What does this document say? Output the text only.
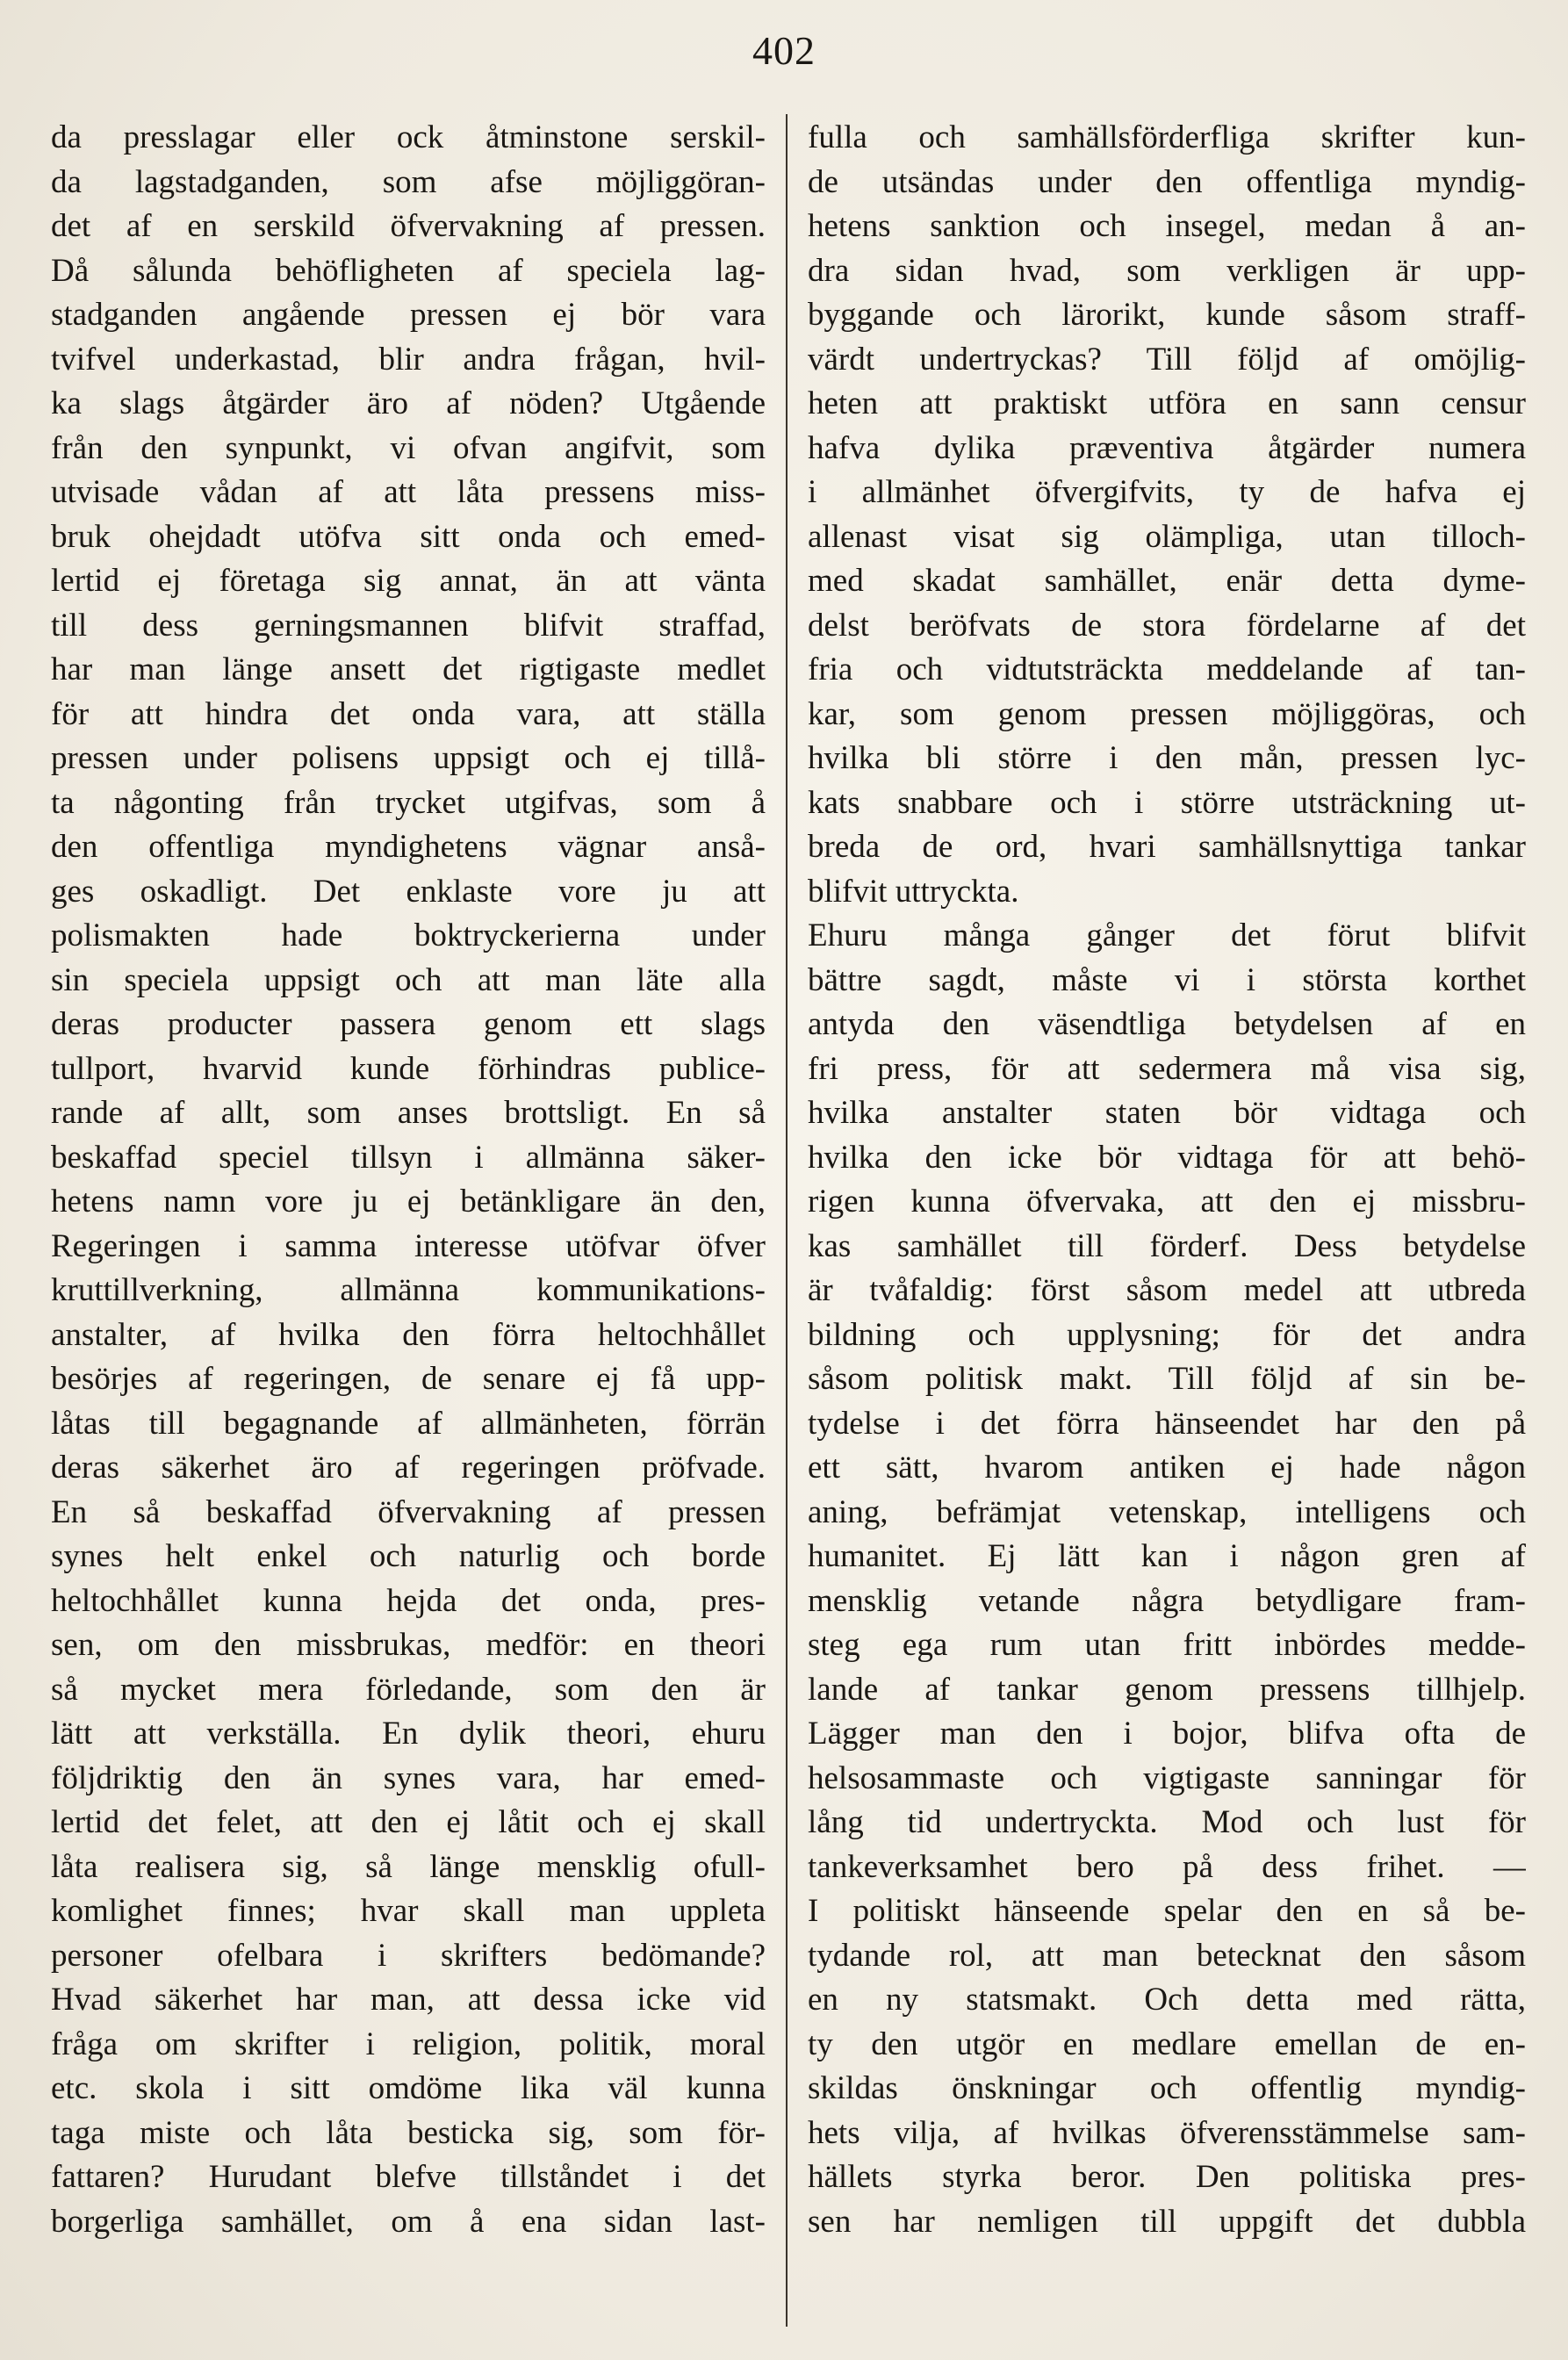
402
da presslagar eller ock åtminstone serskil-
da lagstadganden, som afse möjliggöran-
det af en serskild öfvervakning af pressen.
Då sålunda behöfligheten af speciela lag-
stadganden angående pressen ej bör vara
tvifvel underkastad, blir andra frågan, hvil-
ka slags åtgärder äro af nöden? Utgående
från den synpunkt, vi ofvan angifvit, som
utvisade vådan af att låta pressens miss-
bruk ohejdadt utöfva sitt onda och emed-
lertid ej företaga sig annat, än att vänta
till dess gerningsmannen blifvit straffad,
har man länge ansett det rigtigaste medlet
för att hindra det onda vara, att ställa
pressen under polisens uppsigt och ej tillå-
ta någonting från trycket utgifvas, som å
den offentliga myndighetens vägnar anså-
ges oskadligt. Det enklaste vore ju att
polismakten hade boktryckerierna under
sin speciela uppsigt och att man läte alla
deras producter passera genom ett slags
tullport, hvarvid kunde förhindras publice-
rande af allt, som anses brottsligt. En så
beskaffad speciel tillsyn i allmänna säker-
hetens namn vore ju ej betänkligare än den,
Regeringen i samma interesse utöfvar öfver
kruttillverkning, allmänna kommunikations-
anstalter, af hvilka den förra heltochhållet
besörjes af regeringen, de senare ej få upp-
låtas till begagnande af allmänheten, förrän
deras säkerhet äro af regeringen pröfvade.
En så beskaffad öfvervakning af pressen
synes helt enkel och naturlig och borde
heltochhållet kunna hejda det onda, pres-
sen, om den missbrukas, medför: en theori
så mycket mera förledande, som den är
lätt att verkställa. En dylik theori, ehuru
följdriktig den än synes vara, har emed-
lertid det felet, att den ej låtit och ej skall
låta realisera sig, så länge mensklig ofull-
komlighet finnes; hvar skall man uppleta
personer ofelbara i skrifters bedömande?
Hvad säkerhet har man, att dessa icke vid
fråga om skrifter i religion, politik, moral
etc. skola i sitt omdöme lika väl kunna
taga miste och låta besticka sig, som för-
fattaren? Hurudant blefve tillståndet i det
borgerliga samhället, om å ena sidan last-
fulla och samhällsförderfliga skrifter kun-
de utsändas under den offentliga myndig-
hetens sanktion och insegel, medan å an-
dra sidan hvad, som verkligen är upp-
byggande och lärorikt, kunde såsom straff-
värdt undertryckas? Till följd af omöjlig-
heten att praktiskt utföra en sann censur
hafva dylika præventiva åtgärder numera
i allmänhet öfvergifvits, ty de hafva ej
allenast visat sig olämpliga, utan tilloch-
med skadat samhället, enär detta dyme-
delst beröfvats de stora fördelarne af det
fria och vidtutsträckta meddelande af tan-
kar, som genom pressen möjliggöras, och
hvilka bli större i den mån, pressen lyc-
kats snabbare och i större utsträckning ut-
breda de ord, hvari samhällsnyttiga tankar
blifvit uttryckta.
Ehuru många gånger det förut blifvit
bättre sagdt, måste vi i största korthet
antyda den väsendtliga betydelsen af en
fri press, för att sedermera må visa sig,
hvilka anstalter staten bör vidtaga och
hvilka den icke bör vidtaga för att behö-
rigen kunna öfvervaka, att den ej missbru-
kas samhället till förderf. Dess betydelse
är tvåfaldig: först såsom medel att utbreda
bildning och upplysning; för det andra
såsom politisk makt. Till följd af sin be-
tydelse i det förra hänseendet har den på
ett sätt, hvarom antiken ej hade någon
aning, befrämjat vetenskap, intelligens och
humanitet. Ej lätt kan i någon gren af
mensklig vetande några betydligare fram-
steg ega rum utan fritt inbördes medde-
lande af tankar genom pressens tillhjelp.
Lägger man den i bojor, blifva ofta de
helsosammaste och vigtigaste sanningar för
lång tid undertryckta. Mod och lust för
tankeverksamhet bero på dess frihet. —
I politiskt hänseende spelar den en så be-
tydande rol, att man betecknat den såsom
en ny statsmakt. Och detta med rätta,
ty den utgör en medlare emellan de en-
skildas önskningar och offentlig myndig-
hets vilja, af hvilkas öfverensstämmelse sam-
hällets styrka beror. Den politiska pres-
sen har nemligen till uppgift det dubbla
